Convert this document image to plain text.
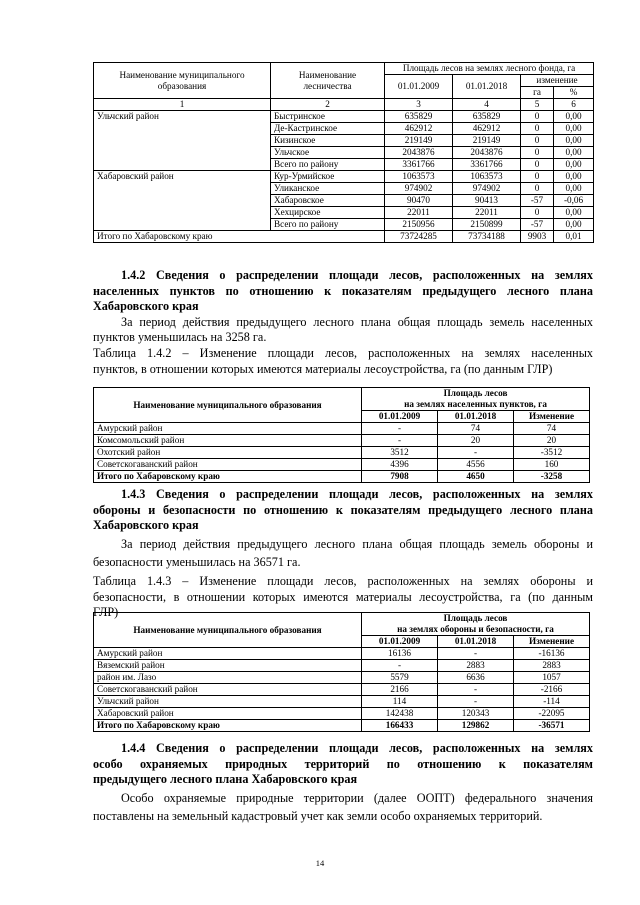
Наименование муниципального образования	Наименование лесничества	Площадь лесов на землях лесного фонда, га			
		01.01.2009	01.01.2018	изменение	
				га	%
1	2	3	4	5	6
Ульчский район	Быстринское	635829	635829	0	0,00
	Де-Кастринское	462912	462912	0	0,00
	Кизинское	219149	219149	0	0,00
	Ульчское	2043876	2043876	0	0,00
	Всего по району	3361766	3361766	0	0,00
Хабаровский район	Кур-Урмийское	1063573	1063573	0	0,00
	Уликанское	974902	974902	0	0,00
	Хабаровское	90470	90413	-57	-0,06
	Хехцирское	22011	22011	0	0,00
	Всего по району	2150956	2150899	-57	0,00
Итого по Хабаровскому краю		73724285	73734188	9903	0,01
1.4.2 Сведения о распределении площади лесов, расположенных на землях
населенных пунктов по отношению к показателям предыдущего лесного плана
Хабаровского края
За период действия предыдущего лесного плана общая площадь земель населенных
пунктов уменьшилась на 3258 га.
Таблица 1.4.2 – Изменение площади лесов, расположенных на землях населенных
пунктов, в отношении которых имеются материалы лесоустройства, га (по данным ГЛР)
Наименование муниципального образования	Площадь лесов
на землях населенных пунктов, га		

	01.01.2009	01.01.2018	Изменение
Амурский район	-	74	74
Комсомольский район	-	20	20
Охотский район	3512	-	-3512
Советскогаванский район	4396	4556	160
Итого по Хабаровскому краю	7908	4650	-3258
1.4.3 Сведения о распределении площади лесов, расположенных на землях
обороны и безопасности по отношению к показателям предыдущего лесного плана
Хабаровского края
За период действия предыдущего лесного плана общая площадь земель обороны и
безопасности уменьшилась на 36571 га.
Таблица 1.4.3 – Изменение площади лесов, расположенных на землях обороны и
безопасности, в отношении которых имеются материалы лесоустройства, га (по данным
ГЛР)
Наименование муниципального образования	Площадь лесов
на землях обороны и безопасности, га		

	01.01.2009	01.01.2018	Изменение
Амурский район	16136	-	-16136
Вяземский район	-	2883	2883
район им. Лазо	5579	6636	1057
Советскогаванский район	2166	-	-2166
Ульчский район	114	-	-114
Хабаровский район	142438	120343	-22095
Итого по Хабаровскому краю	166433	129862	-36571
1.4.4 Сведения о распределении площади лесов, расположенных на землях
особо охраняемых природных территорий по отношению к показателям
предыдущего лесного плана Хабаровского края
Особо охраняемые природные территории (далее ООПТ) федерального значения
поставлены на земельный кадастровый учет как земли особо охраняемых территорий.
14
